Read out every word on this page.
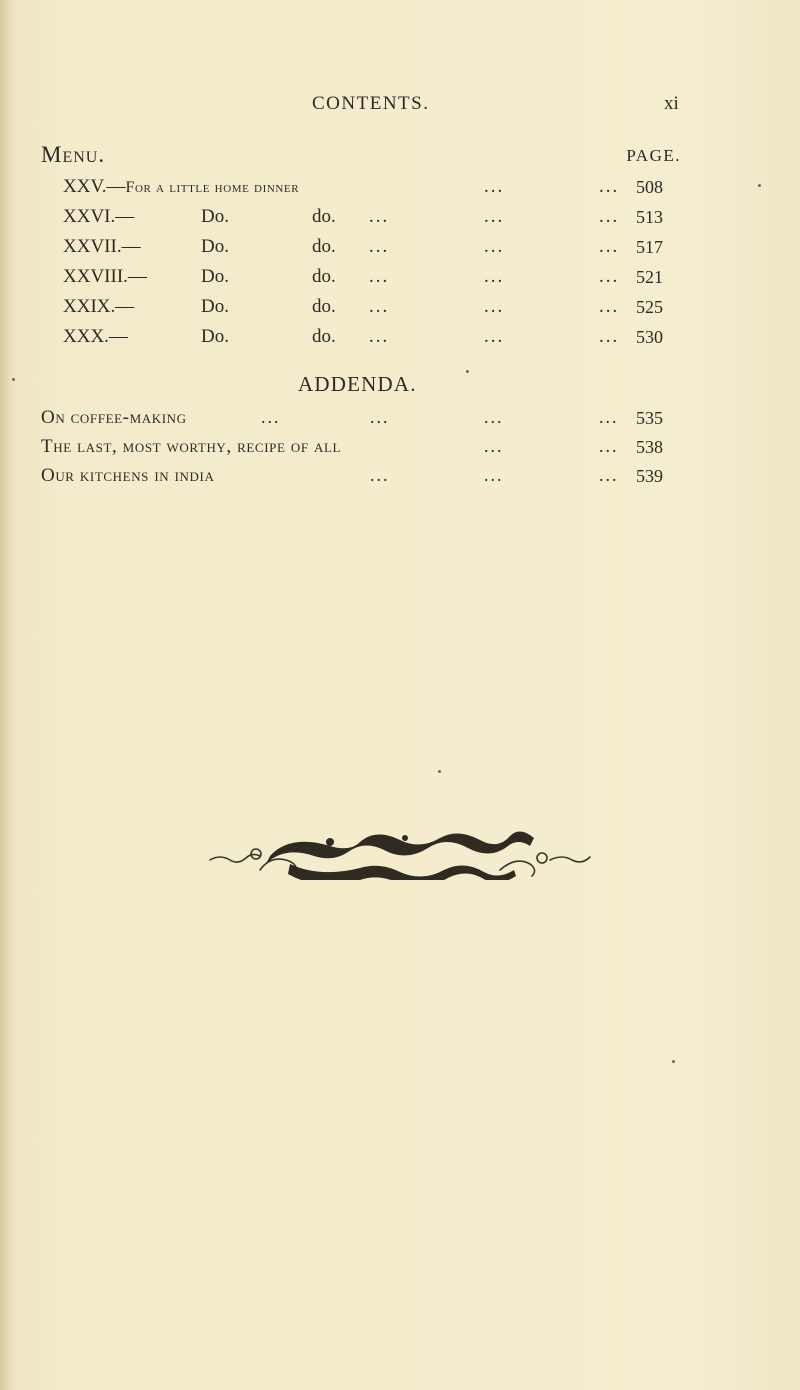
CONTENTS.	xi
Menu.	PAGE.
XXV.—For a little home dinner	...	... 508
XXVI.—	Do.	do. ...	...	... 513
XXVII.—	Do.	do. ...	...	... 517
XXVIII.—	Do.	do. ...	...	... 521
XXIX.—	Do.	do. ...	...	... 525
XXX.—	Do.	do. ...	...	... 530
ADDENDA.
On coffee-making	...	...	...	... 535
The last, most worthy, recipe of all	...	... 538
Our kitchens in india	...	...	... 539
